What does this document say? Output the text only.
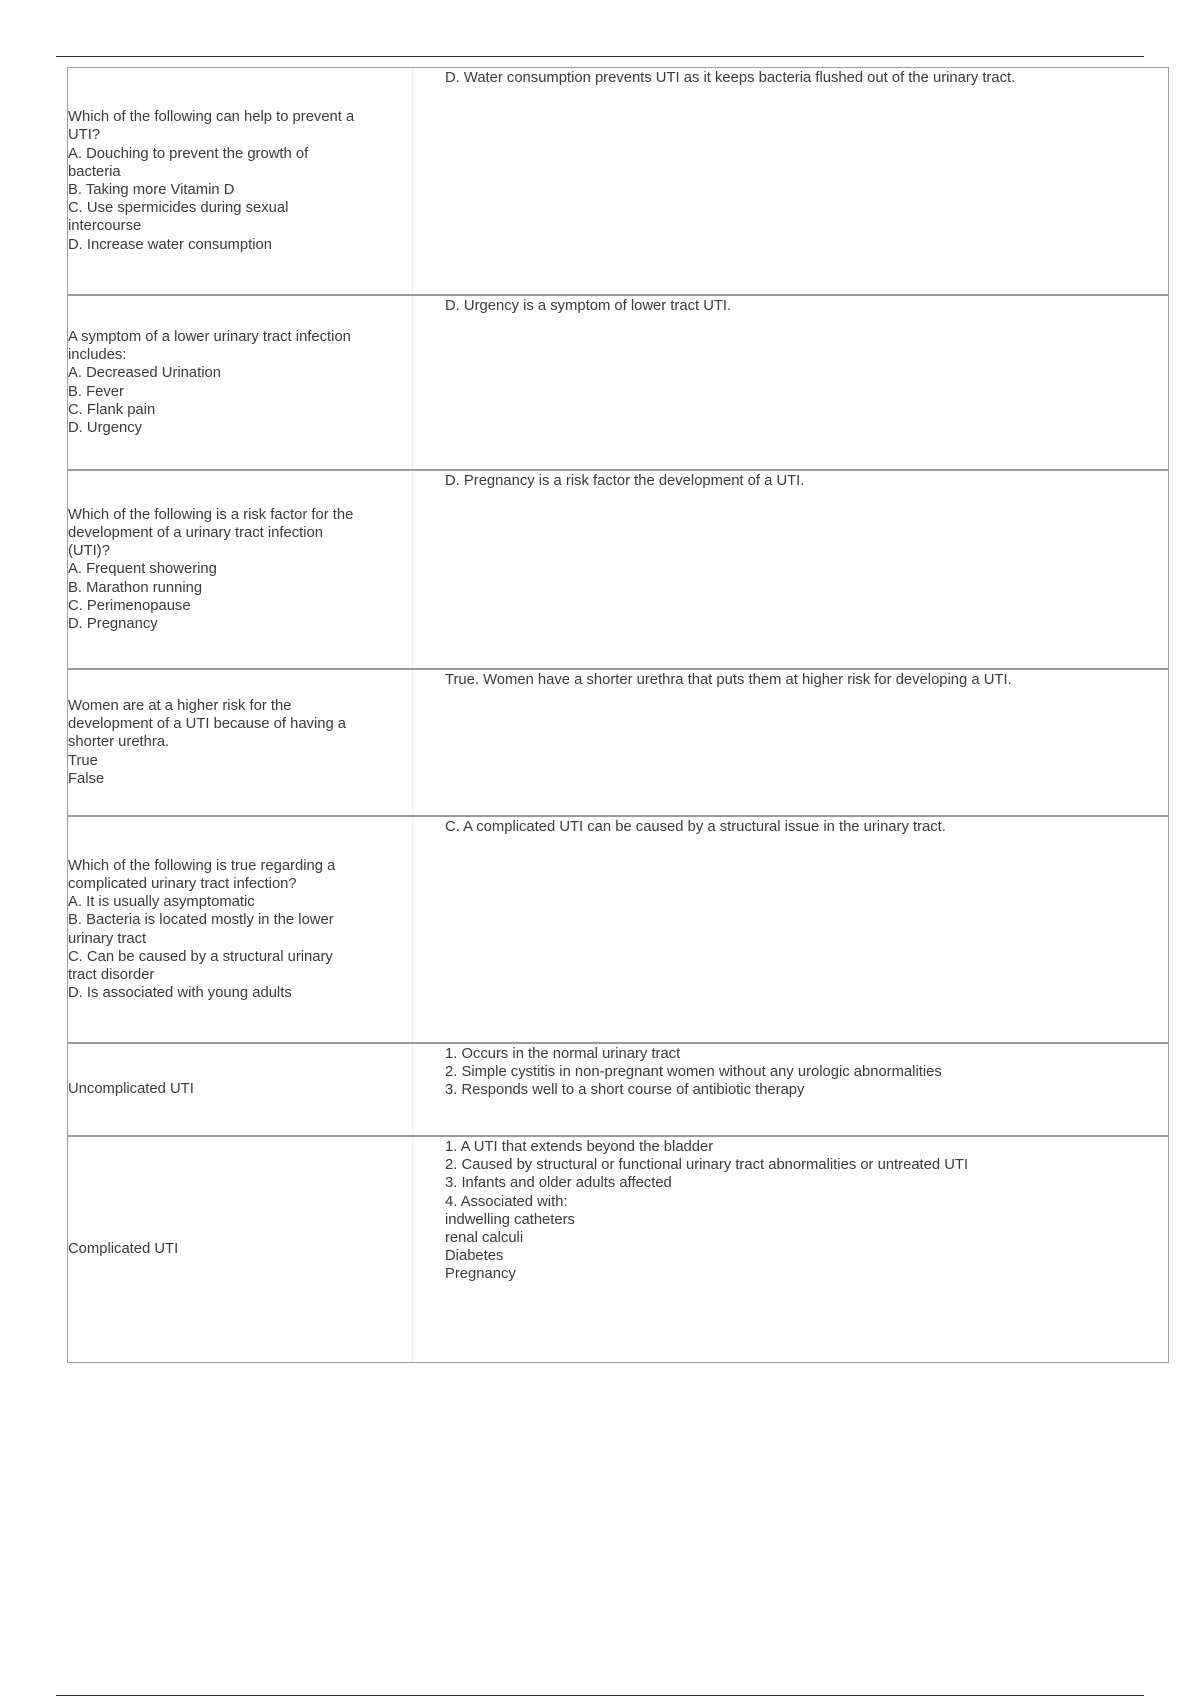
Which of the following can help to prevent a
UTI?
A. Douching to prevent the growth of
bacteria
B. Taking more Vitamin D
C. Use spermicides during sexual
intercourse
D. Increase water consumption
D. Water consumption prevents UTI as it keeps bacteria flushed out of the urinary tract.
A symptom of a lower urinary tract infection
includes:
A. Decreased Urination
B. Fever
C. Flank pain
D. Urgency
D. Urgency is a symptom of lower tract UTI.
Which of the following is a risk factor for the
development of a urinary tract infection
(UTI)?
A. Frequent showering
B. Marathon running
C. Perimenopause
D. Pregnancy
D. Pregnancy is a risk factor the development of a UTI.
Women are at a higher risk for the
development of a UTI because of having a
shorter urethra.
True
False
True. Women have a shorter urethra that puts them at higher risk for developing a UTI.
Which of the following is true regarding a
complicated urinary tract infection?
A. It is usually asymptomatic
B. Bacteria is located mostly in the lower
urinary tract
C. Can be caused by a structural urinary
tract disorder
D. Is associated with young adults
C. A complicated UTI can be caused by a structural issue in the urinary tract.
Uncomplicated UTI
1. Occurs in the normal urinary tract
2. Simple cystitis in non-pregnant women without any urologic abnormalities
3. Responds well to a short course of antibiotic therapy
Complicated UTI
1. A UTI that extends beyond the bladder
2. Caused by structural or functional urinary tract abnormalities or untreated UTI
3. Infants and older adults affected
4. Associated with:
indwelling catheters
renal calculi
Diabetes
Pregnancy
